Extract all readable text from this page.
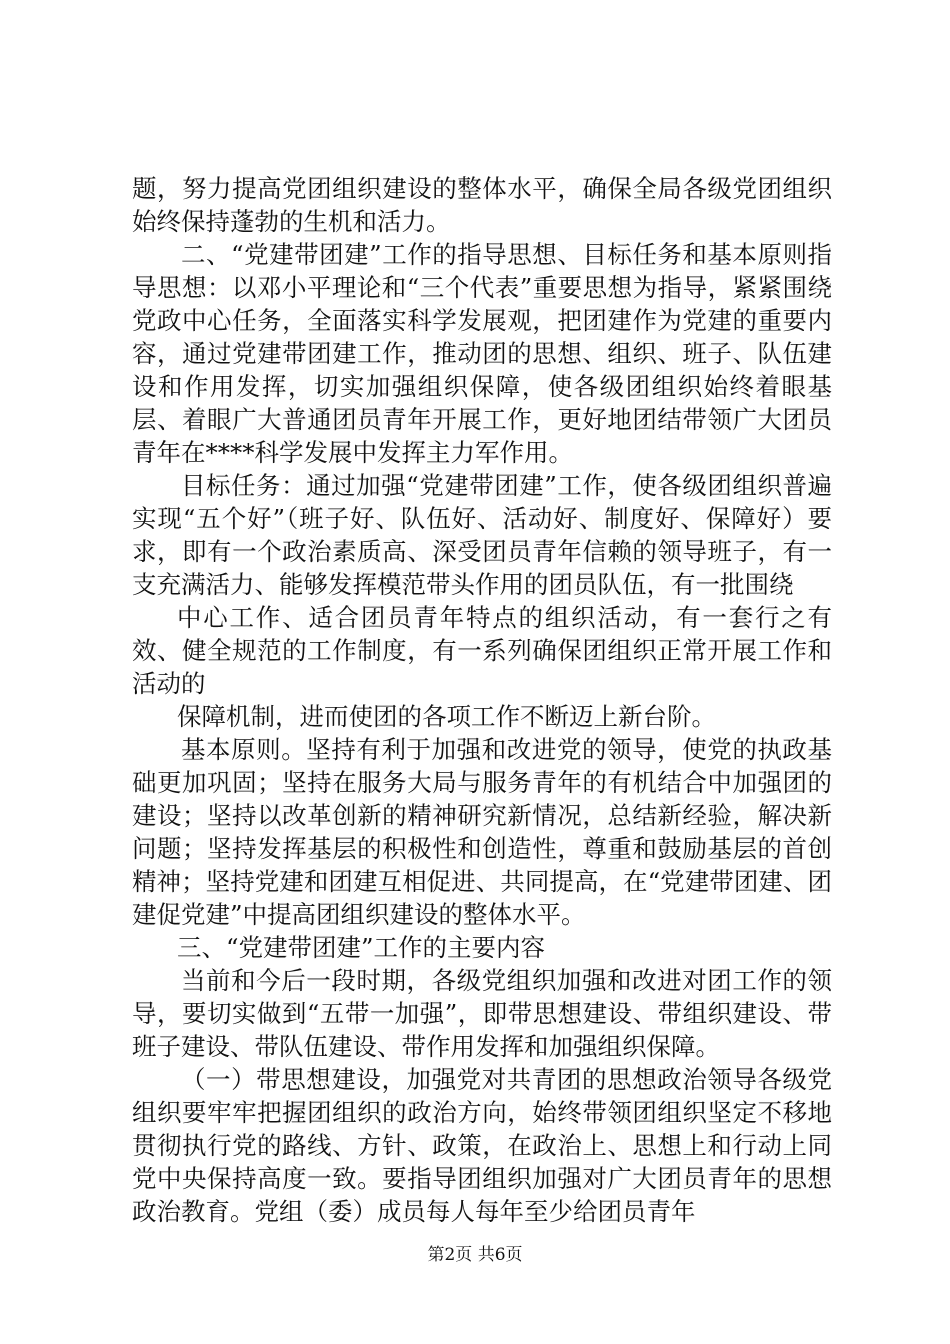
题，努力提高党团组织建设的整体水平，确保全局各级党团组织始终保持蓬勃的生机和活力。

二、“党建带团建”工作的指导思想、目标任务和基本原则指导思想：以邓小平理论和“三个代表”重要思想为指导，紧紧围绕党政中心任务，全面落实科学发展观，把团建作为党建的重要内容，通过党建带团建工作，推动团的思想、组织、班子、队伍建设和作用发挥，切实加强组织保障，使各级团组织始终着眼基层、着眼广大普通团员青年开展工作，更好地团结带领广大团员青年在****科学发展中发挥主力军作用。

目标任务：通过加强“党建带团建”工作，使各级团组织普遍实现“五个好”（班子好、队伍好、活动好、制度好、保障好）要求，即有一个政治素质高、深受团员青年信赖的领导班子，有一支充满活力、能够发挥模范带头作用的团员队伍，有一批围绕

中心工作、适合团员青年特点的组织活动，有一套行之有效、健全规范的工作制度，有一系列确保团组织正常开展工作和活动的

保障机制，进而使团的各项工作不断迈上新台阶。

基本原则。坚持有利于加强和改进党的领导，使党的执政基础更加巩固；坚持在服务大局与服务青年的有机结合中加强团的建设；坚持以改革创新的精神研究新情况，总结新经验，解决新问题；坚持发挥基层的积极性和创造性，尊重和鼓励基层的首创精神；坚持党建和团建互相促进、共同提高，在“党建带团建、团建促党建”中提高团组织建设的整体水平。

三、“党建带团建”工作的主要内容

当前和今后一段时期，各级党组织加强和改进对团工作的领导，要切实做到“五带一加强”，即带思想建设、带组织建设、带班子建设、带队伍建设、带作用发挥和加强组织保障。

（一）带思想建设，加强党对共青团的思想政治领导各级党组织要牢牢把握团组织的政治方向，始终带领团组织坚定不移地贯彻执行党的路线、方针、政策，在政治上、思想上和行动上同党中央保持高度一致。要指导团组织加强对广大团员青年的思想政治教育。党组（委）成员每人每年至少给团员青年

第2页 共6页
